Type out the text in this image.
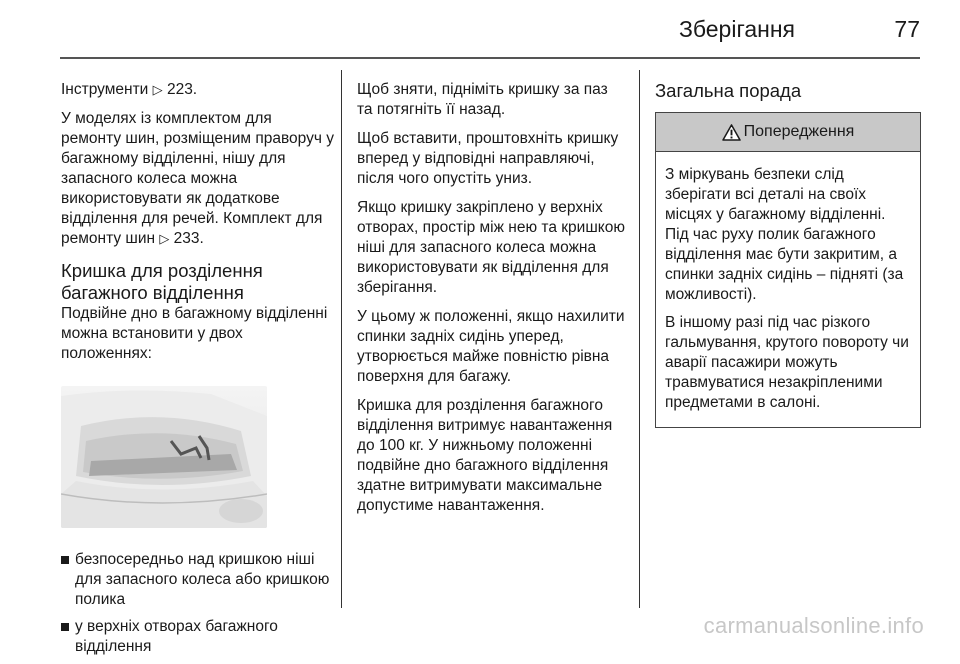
Зберігання	77

Інструменти ▷ 223.

У моделях із комплектом для ремонту шин, розміщеним праворуч у багажному відділенні, нішу для запасного колеса можна використовувати як додаткове відділення для речей. Комплект для ремонту шин ▷ 233.

Кришка для розділення багажного відділення

Подвійне дно в багажному відділенні можна встановити у двох положеннях:

безпосередньо над кришкою ніші для запасного колеса або кришкою полика
у верхніх отворах багажного відділення

Щоб зняти, підніміть кришку за паз та потягніть її назад.

Щоб вставити, проштовхніть кришку вперед у відповідні направляючі, після чого опустіть униз.

Якщо кришку закріплено у верхніх отворах, простір між нею та кришкою ніші для запасного колеса можна використовувати як відділення для зберігання.

У цьому ж положенні, якщо нахилити спинки задніх сидінь уперед, утворюється майже повністю рівна поверхня для багажу.

Кришка для розділення багажного відділення витримує навантаження до 100 кг. У нижньому положенні подвійне дно багажного відділення здатне витримувати максимальне допустиме навантаження.

Загальна порада
Попередження

З міркувань безпеки слід зберігати всі деталі на своїх місцях у багажному відділенні. Під час руху полик багажного відділення має бути закритим, а спинки задніх сидінь – підняті (за можливості).

В іншому разі під час різкого гальмування, крутого повороту чи аварії пасажири можуть травмуватися незакріпленими предметами в салоні.

carmanualsonline.info
